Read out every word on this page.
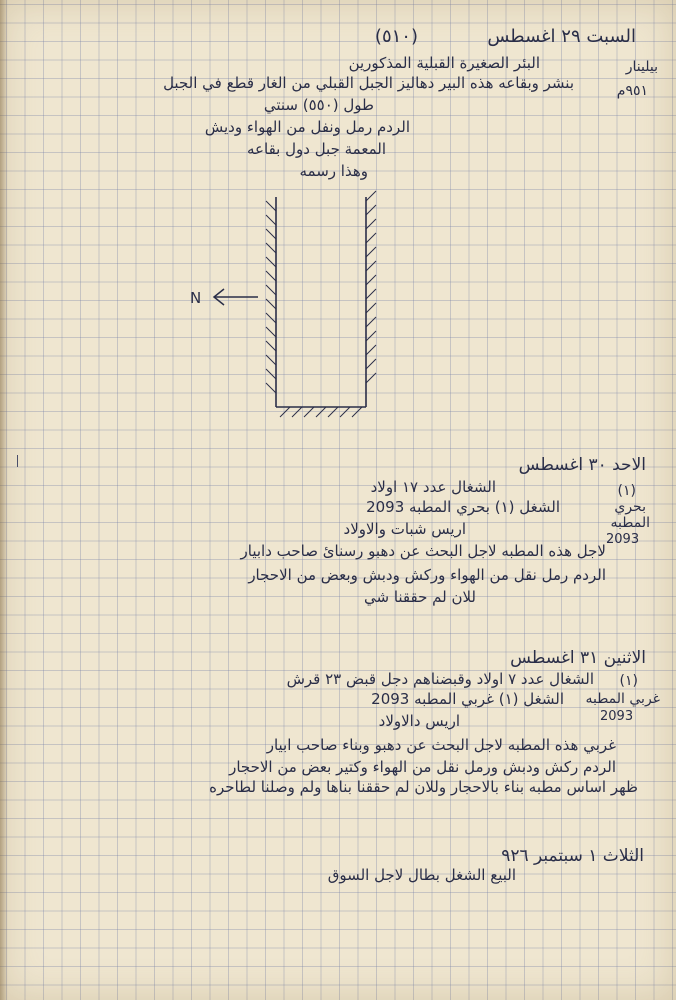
السبت ٢٩ اغسطس
(٥١٠)
بيلينار
٩٥١م
البئر الصغيرة القبلية المذكورين
بنشر وبقاعه هذه البير دهاليز الجبل القبلي من الغار قطع في الجبل
طول (٥٥٠) سنتي
الردم رمل ونفل من الهواء وديش
المعمة جبل دول بقاعه
وهذا رسمه
N
الاحد ٣٠ اغسطس
(١)
بحري
المطبه
2093
الشغال عدد ١٧ اولاد
الشغل (١) بحري المطبه 2093
اريس شبات والاولاد
لاجل هذه المطبه لاجل البحث عن دهبو رسنائ صاحب دابيار
الردم رمل نقل من الهواء وركش ودبش وبعض من الاحجار
للان لم حققنا شي
الاثنين ٣١ اغسطس
(١)
غربي المطبه
2093
الشغال عدد ٧ اولاد وقبضناهم دجل قبض ٢٣ قرش
الشغل (١) غربي المطبه 2093
اريس دالاولاد
غربي هذه المطبه لاجل البحث عن دهبو وبناء صاحب ابيار
الردم ركش ودبش ورمل نقل من الهواء وكتير بعض من الاحجار
ظهر اساس مطبه بناء بالاحجار وللان لم حققنا بناها ولم وصلنا لطاحره
الثلاث ١ سبتمبر ٩٢٦
البيع الشغل بطال لاجل السوق
